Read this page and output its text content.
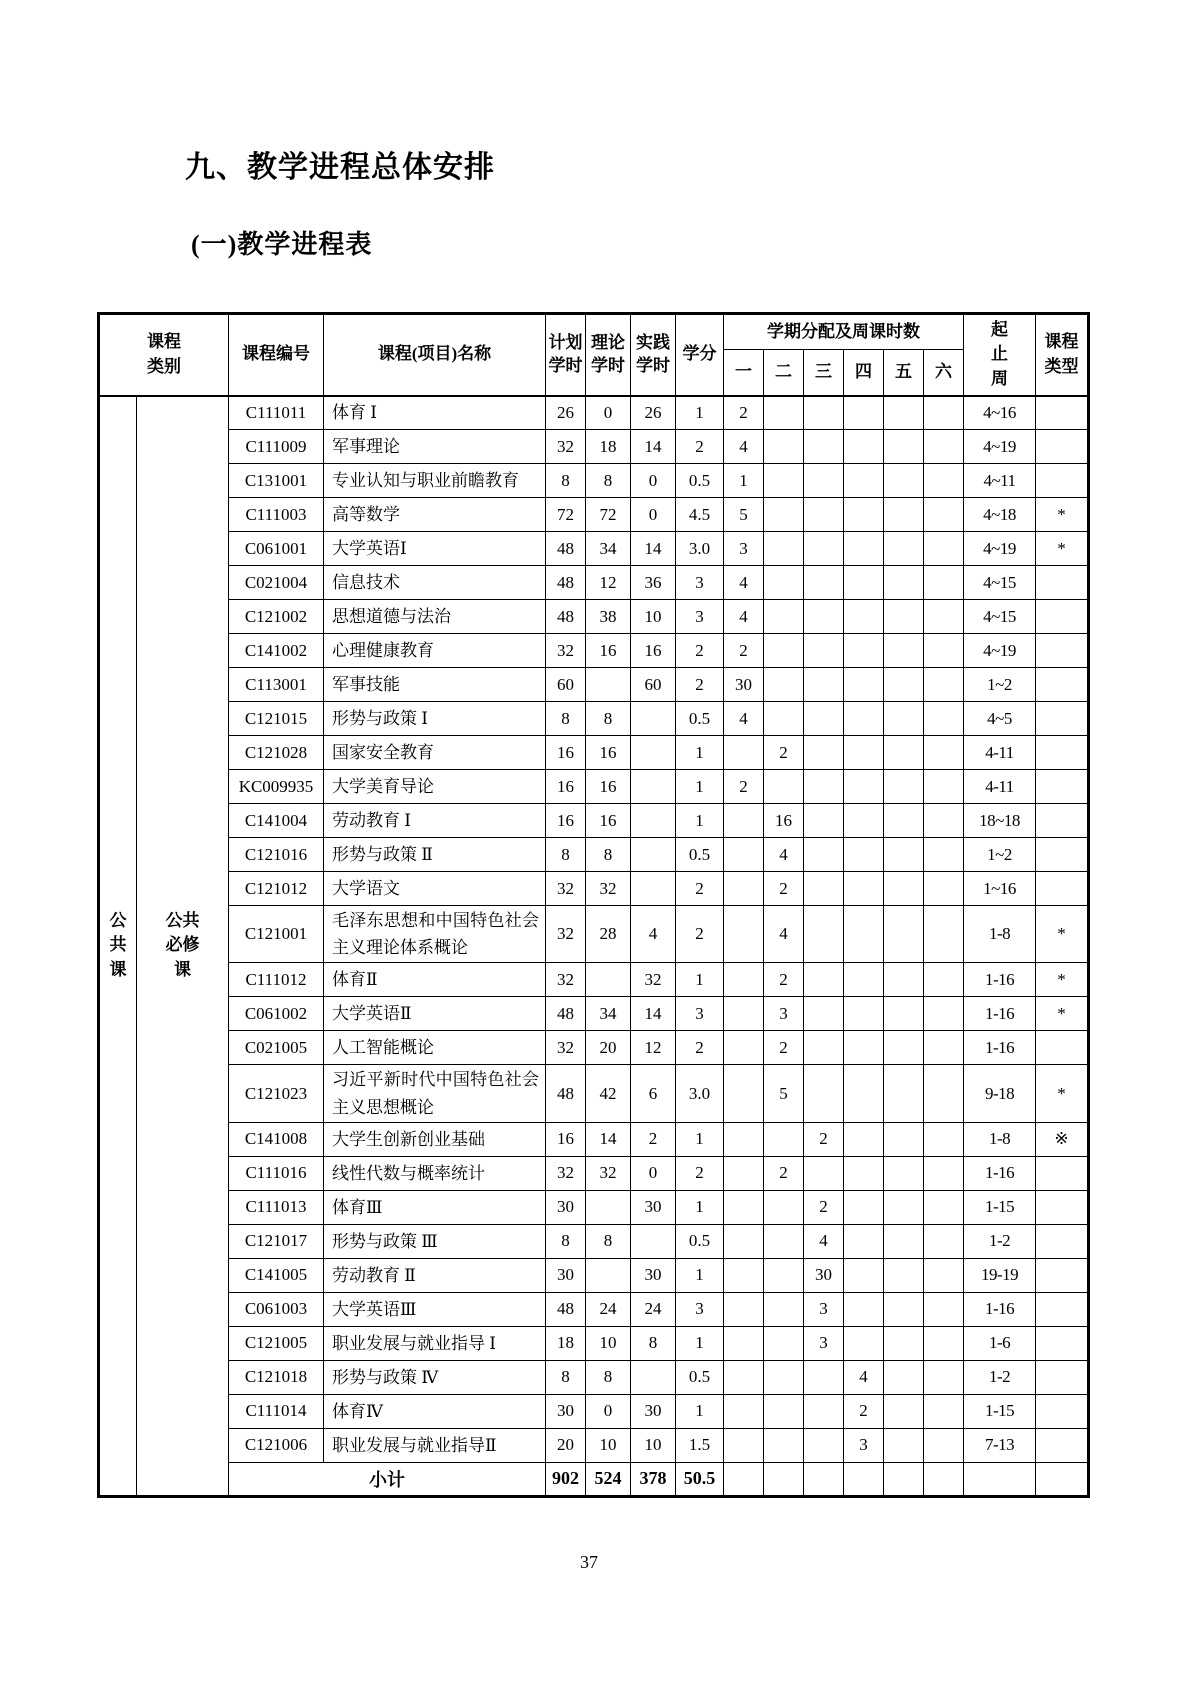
九、教学进程总体安排
(一)教学进程表
课程类别		课程编号	课程(项目)名称	计划学时	理论学时	实践学时	学分	学期分配及周课时数						起止周	课程类型
								一	二	三	四	五	六		
公共课	公共必修课	C111011	体育 Ⅰ	26	0	26	1	2						4~16	
		C111009	军事理论	32	18	14	2	4						4~19	
		C131001	专业认知与职业前瞻教育	8	8	0	0.5	1						4~11	
		C111003	高等数学	72	72	0	4.5	5						4~18	*
		C061001	大学英语Ⅰ	48	34	14	3.0	3						4~19	*
		C021004	信息技术	48	12	36	3	4						4~15	
		C121002	思想道德与法治	48	38	10	3	4						4~15	
		C141002	心理健康教育	32	16	16	2	2						4~19	
		C113001	军事技能	60		60	2	30						1~2	
		C121015	形势与政策 Ⅰ	8	8		0.5	4						4~5	
		C121028	国家安全教育	16	16		1		2					4-11	
		KC009935	大学美育导论	16	16		1	2						4-11	
		C141004	劳动教育 Ⅰ	16	16		1		16					18~18	
		C121016	形势与政策 Ⅱ	8	8		0.5		4					1~2	
		C121012	大学语文	32	32		2		2					1~16	
		C121001	毛泽东思想和中国特色社会主义理论体系概论	32	28	4	2		4					1-8	*
		C111012	体育Ⅱ	32		32	1		2					1-16	*
		C061002	大学英语Ⅱ	48	34	14	3		3					1-16	*
		C021005	人工智能概论	32	20	12	2		2					1-16	
		C121023	习近平新时代中国特色社会主义思想概论	48	42	6	3.0		5					9-18	*
		C141008	大学生创新创业基础	16	14	2	1			2				1-8	※
		C111016	线性代数与概率统计	32	32	0	2		2					1-16	
		C111013	体育Ⅲ	30		30	1			2				1-15	
		C121017	形势与政策 Ⅲ	8	8		0.5			4				1-2	
		C141005	劳动教育 Ⅱ	30		30	1			30				19-19	
		C061003	大学英语Ⅲ	48	24	24	3			3				1-16	
		C121005	职业发展与就业指导 Ⅰ	18	10	8	1			3				1-6	
		C121018	形势与政策 Ⅳ	8	8		0.5				4			1-2	
		C111014	体育Ⅳ	30	0	30	1				2			1-15	
		C121006	职业发展与就业指导Ⅱ	20	10	10	1.5				3			7-13	
		小计		902	524	378	50.5								
37
